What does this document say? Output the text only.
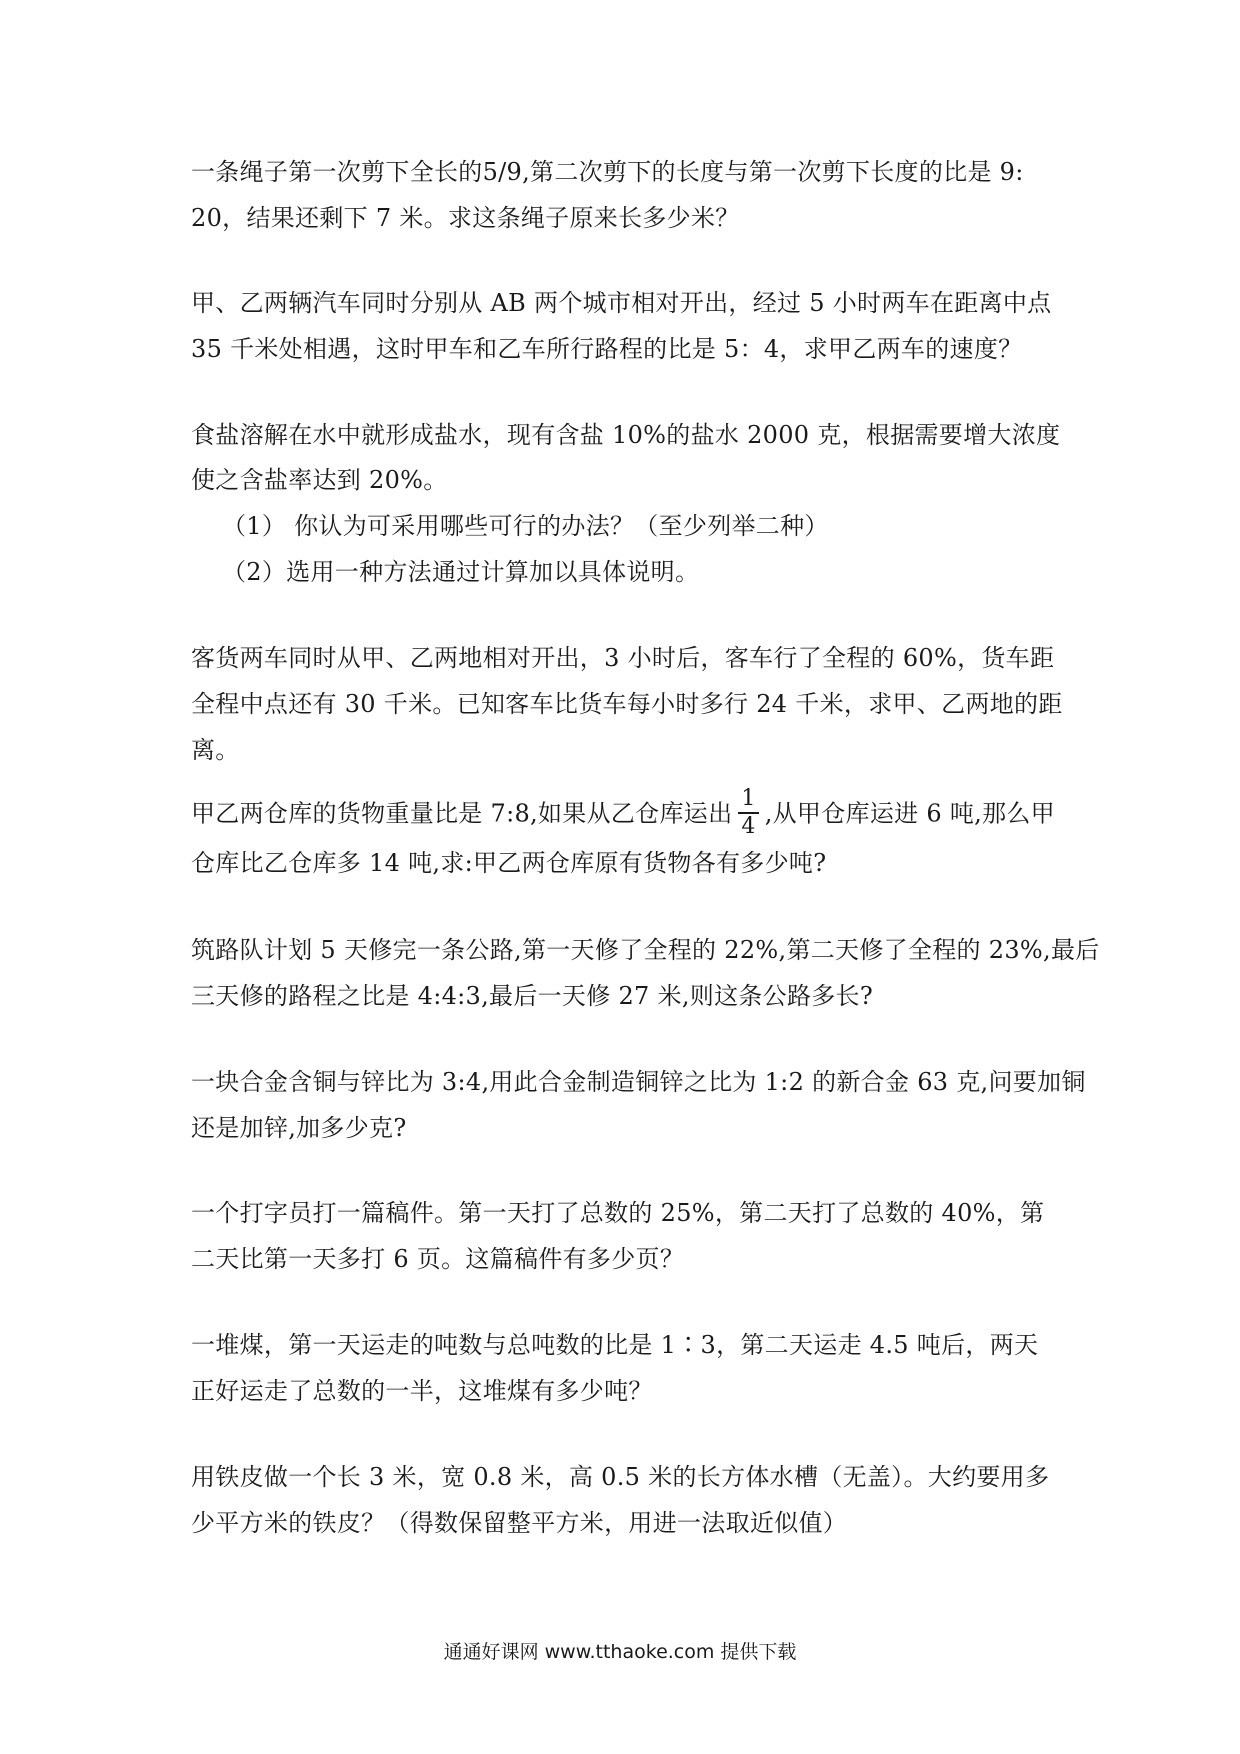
一条绳子第一次剪下全长的5/9,第二次剪下的长度与第一次剪下长度的比是 9:
20，结果还剩下 7 米。求这条绳子原来长多少米？
甲、乙两辆汽车同时分别从 AB 两个城市相对开出，经过 5 小时两车在距离中点
35 千米处相遇，这时甲车和乙车所行路程的比是 5：4，求甲乙两车的速度？
食盐溶解在水中就形成盐水，现有含盐 10%的盐水 2000 克，根据需要增大浓度
使之含盐率达到 20%。
（1） 你认为可采用哪些可行的办法？（至少列举二种）
（2）选用一种方法通过计算加以具体说明。
客货两车同时从甲、乙两地相对开出，3 小时后，客车行了全程的 60%，货车距
全程中点还有 30 千米。已知客车比货车每小时多行 24 千米，求甲、乙两地的距
离。
甲乙两仓库的货物重量比是 7:8,如果从乙仓库运出 $\frac{1}{4}$ ,从甲仓库运进 6 吨,那么甲
仓库比乙仓库多 14 吨,求:甲乙两仓库原有货物各有多少吨?
筑路队计划 5 天修完一条公路,第一天修了全程的 22%,第二天修了全程的 23%,最后
三天修的路程之比是 4:4:3,最后一天修 27 米,则这条公路多长?
一块合金含铜与锌比为 3:4,用此合金制造铜锌之比为 1:2 的新合金 63 克,问要加铜
还是加锌,加多少克?
一个打字员打一篇稿件。第一天打了总数的 25%，第二天打了总数的 40%，第
二天比第一天多打 6 页。这篇稿件有多少页？
一堆煤，第一天运走的吨数与总吨数的比是 1∶3，第二天运走 4.5 吨后，两天
正好运走了总数的一半，这堆煤有多少吨？
用铁皮做一个长 3 米，宽 0.8 米，高 0.5 米的长方体水槽（无盖）。大约要用多
少平方米的铁皮？（得数保留整平方米，用进一法取近似值）
通通好课网 www.tthaoke.com 提供下载
